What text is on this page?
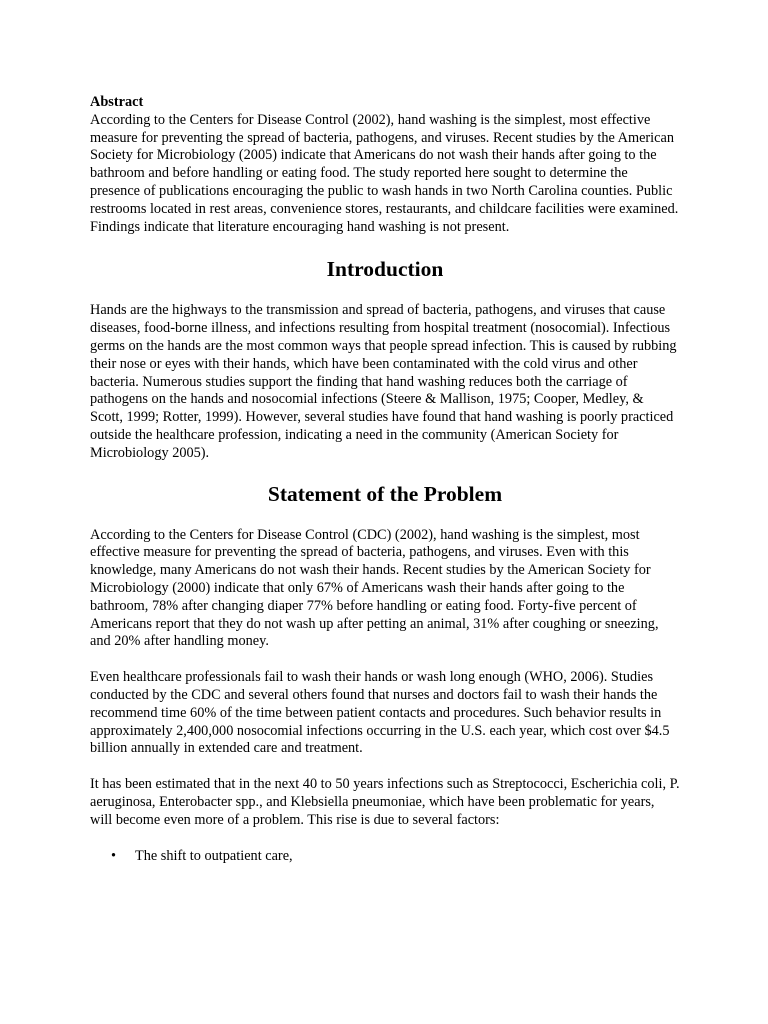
Abstract

According to the Centers for Disease Control (2002), hand washing is the simplest, most effective measure for preventing the spread of bacteria, pathogens, and viruses. Recent studies by the American Society for Microbiology (2005) indicate that Americans do not wash their hands after going to the bathroom and before handling or eating food. The study reported here sought to determine the presence of publications encouraging the public to wash hands in two North Carolina counties. Public restrooms located in rest areas, convenience stores, restaurants, and childcare facilities were examined. Findings indicate that literature encouraging hand washing is not present.

Introduction

Hands are the highways to the transmission and spread of bacteria, pathogens, and viruses that cause diseases, food-borne illness, and infections resulting from hospital treatment (nosocomial). Infectious germs on the hands are the most common ways that people spread infection. This is caused by rubbing their nose or eyes with their hands, which have been contaminated with the cold virus and other bacteria. Numerous studies support the finding that hand washing reduces both the carriage of pathogens on the hands and nosocomial infections (Steere & Mallison, 1975; Cooper, Medley, & Scott, 1999; Rotter, 1999). However, several studies have found that hand washing is poorly practiced outside the healthcare profession, indicating a need in the community (American Society for Microbiology 2005).

Statement of the Problem

According to the Centers for Disease Control (CDC) (2002), hand washing is the simplest, most effective measure for preventing the spread of bacteria, pathogens, and viruses. Even with this knowledge, many Americans do not wash their hands. Recent studies by the American Society for Microbiology (2000) indicate that only 67% of Americans wash their hands after going to the bathroom, 78% after changing diaper 77% before handling or eating food. Forty-five percent of Americans report that they do not wash up after petting an animal, 31% after coughing or sneezing, and 20% after handling money.

Even healthcare professionals fail to wash their hands or wash long enough (WHO, 2006). Studies conducted by the CDC and several others found that nurses and doctors fail to wash their hands the recommend time 60% of the time between patient contacts and procedures. Such behavior results in approximately 2,400,000 nosocomial infections occurring in the U.S. each year, which cost over $4.5 billion annually in extended care and treatment.

It has been estimated that in the next 40 to 50 years infections such as Streptococci, Escherichia coli, P. aeruginosa, Enterobacter spp., and Klebsiella pneumoniae, which have been problematic for years, will become even more of a problem. This rise is due to several factors:

• The shift to outpatient care,
